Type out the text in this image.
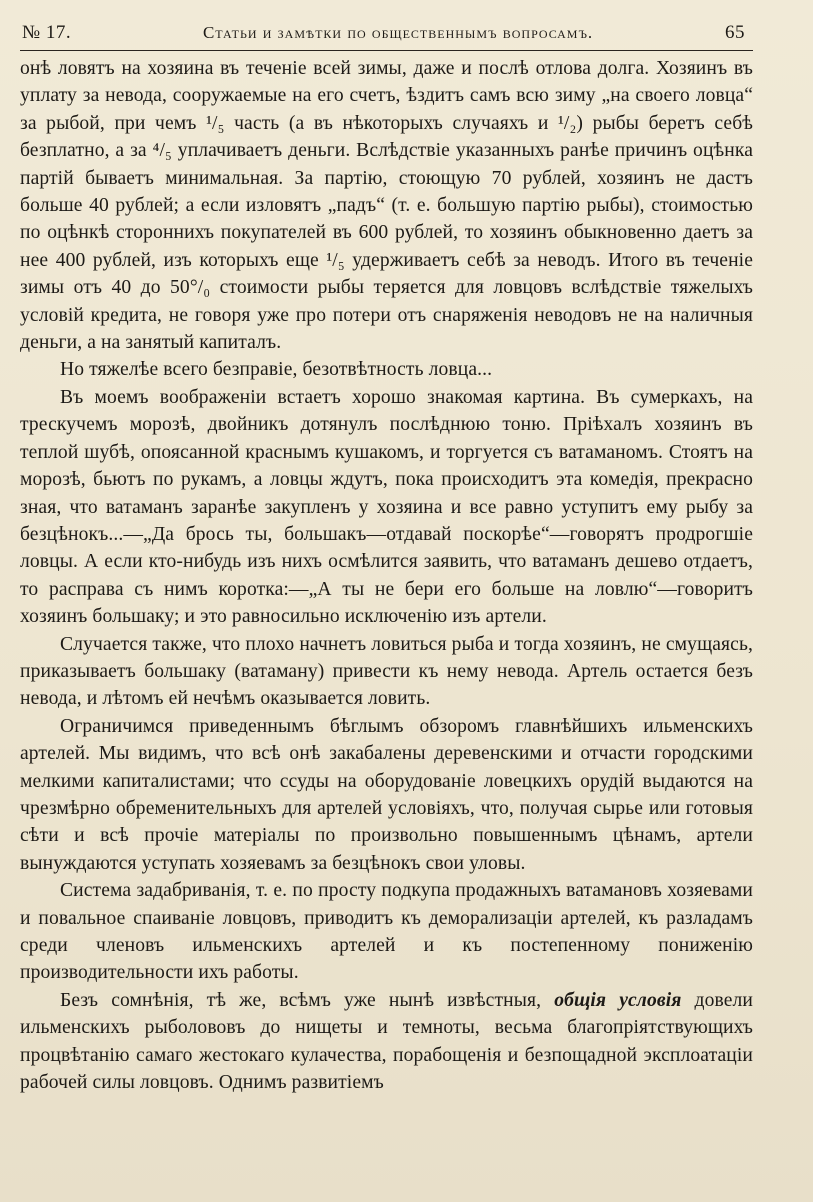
№ 17.	Статьи и замѣтки по общественнымъ вопросамъ.	65

онѣ ловятъ на хозяина въ теченіе всей зимы, даже и послѣ отлова долга. Хозяинъ въ уплату за невода, сооружаемые на его счетъ, ѣздитъ самъ всю зиму „на своего ловца“ за рыбой, при чемъ ¹/₅ часть (а въ нѣкоторыхъ случаяхъ и ¹/₂) рыбы беретъ себѣ безплатно, а за ⁴/₅ уплачиваетъ деньги. Вслѣдствіе указанныхъ ранѣе причинъ оцѣнка партій бываетъ минимальная. За партію, стоющую 70 рублей, хозяинъ не дастъ больше 40 рублей; а если изловятъ „падъ“ (т. е. большую партію рыбы), стоимостью по оцѣнкѣ стороннихъ покупателей въ 600 рублей, то хозяинъ обыкновенно даетъ за нее 400 рублей, изъ которыхъ еще ¹/₅ удерживаетъ себѣ за неводъ. Итого въ теченіе зимы отъ 40 до 50°/₀ стоимости рыбы теряется для ловцовъ вслѣдствіе тяжелыхъ условій кредита, не говоря уже про потери отъ снаряженія неводовъ не на наличныя деньги, а на занятый капиталъ.

Но тяжелѣе всего безправіе, безотвѣтность ловца...

Въ моемъ воображеніи встаетъ хорошо знакомая картина. Въ сумеркахъ, на трескучемъ морозѣ, двойникъ дотянулъ послѣднюю тоню. Пріѣхалъ хозяинъ въ теплой шубѣ, опоясанной краснымъ кушакомъ, и торгуется съ ватаманомъ. Стоятъ на морозѣ, бьютъ по рукамъ, а ловцы ждутъ, пока происходитъ эта комедія, прекрасно зная, что ватаманъ заранѣе закупленъ у хозяина и все равно уступитъ ему рыбу за безцѣнокъ...—„Да брось ты, большакъ—отдавай поскорѣе“—говорятъ продрогшіе ловцы. А если кто-нибудь изъ нихъ осмѣлится заявить, что ватаманъ дешево отдаетъ, то расправа съ нимъ коротка:—„А ты не бери его больше на ловлю“—говоритъ хозяинъ большаку; и это равносильно исключенію изъ артели.

Случается также, что плохо начнетъ ловиться рыба и тогда хозяинъ, не смущаясь, приказываетъ большаку (ватаману) привести къ нему невода. Артель остается безъ невода, и лѣтомъ ей нечѣмъ оказывается ловить.

Ограничимся приведеннымъ бѣглымъ обзоромъ главнѣйшихъ ильменскихъ артелей. Мы видимъ, что всѣ онѣ закабалены деревенскими и отчасти городскими мелкими капиталистами; что ссуды на оборудованіе ловецкихъ орудій выдаются на чрезмѣрно обременительныхъ для артелей условіяхъ, что, получая сырье или готовыя сѣти и всѣ прочіе матеріалы по произвольно повышеннымъ цѣнамъ, артели вынуждаются уступать хозяевамъ за безцѣнокъ свои уловы.

Система задабриванія, т. е. по просту подкупа продажныхъ ватамановъ хозяевами и повальное спаиваніе ловцовъ, приводитъ къ деморализаціи артелей, къ разладамъ среди членовъ ильменскихъ артелей и къ постепенному пониженію производительности ихъ работы.

Безъ сомнѣнія, тѣ же, всѣмъ уже нынѣ извѣстныя, общія условія довели ильменскихъ рыболововъ до нищеты и темноты, весьма благопріятствующихъ процвѣтанію самаго жестокаго кулачества, порабощенія и безпощадной эксплоатаціи рабочей силы ловцовъ. Однимъ развитіемъ
